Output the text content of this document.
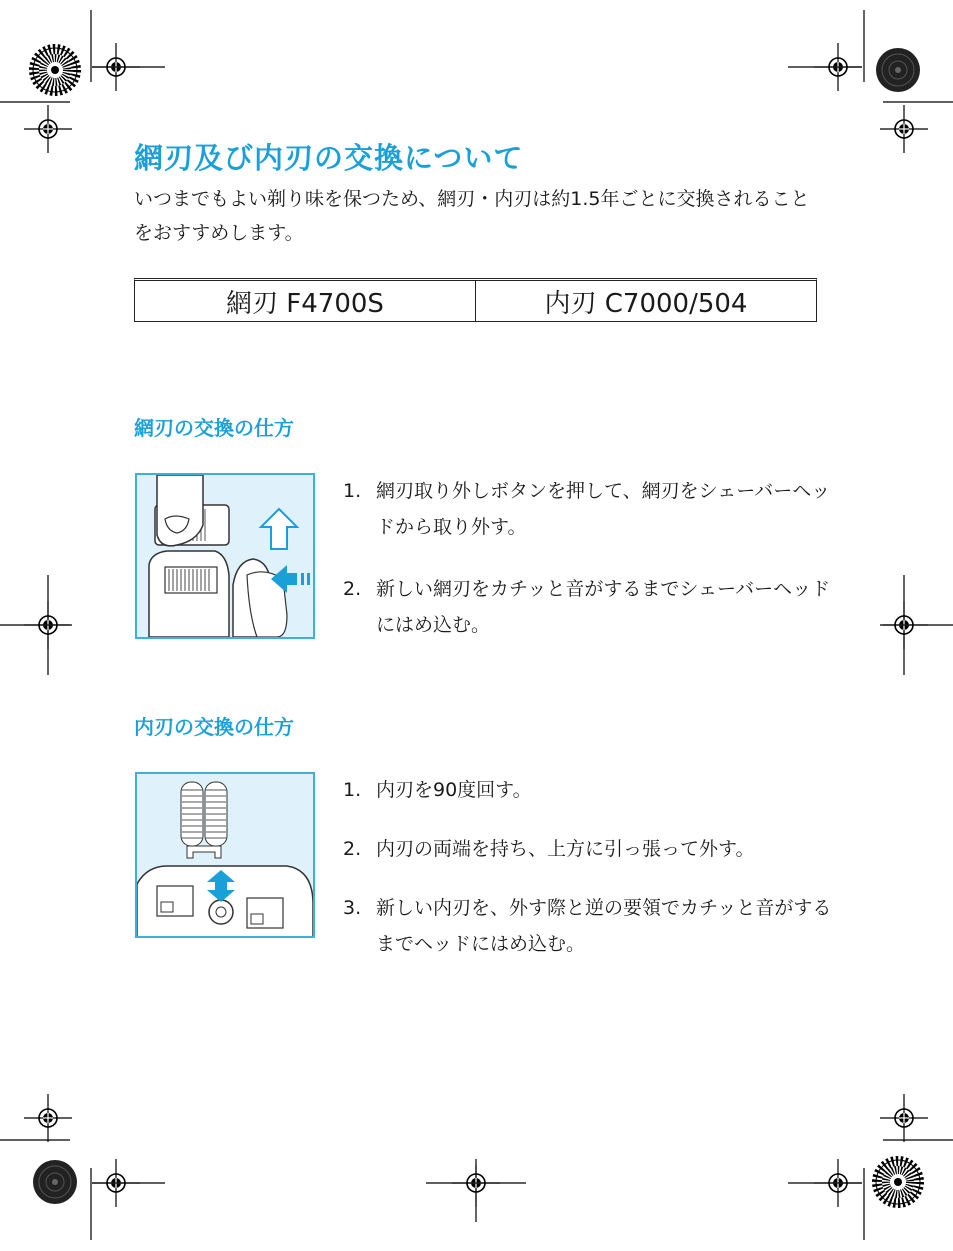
網刃及び内刃の交換について

いつまでもよい剃り味を保つため、網刃・内刃は約1.5年ごとに交換されることをおすすめします。

網刃 F4700S	内刃 C7000/504
網刃の交換の仕方
1. 網刃取り外しボタンを押して、網刃をシェーバーヘッドから取り外す。
2. 新しい網刃をカチッと音がするまでシェーバーヘッドにはめ込む。
内刃の交換の仕方
1. 内刃を90度回す。
2. 内刃の両端を持ち、上方に引っ張って外す。
3. 新しい内刃を、外す際と逆の要領でカチッと音がするまでヘッドにはめ込む。
